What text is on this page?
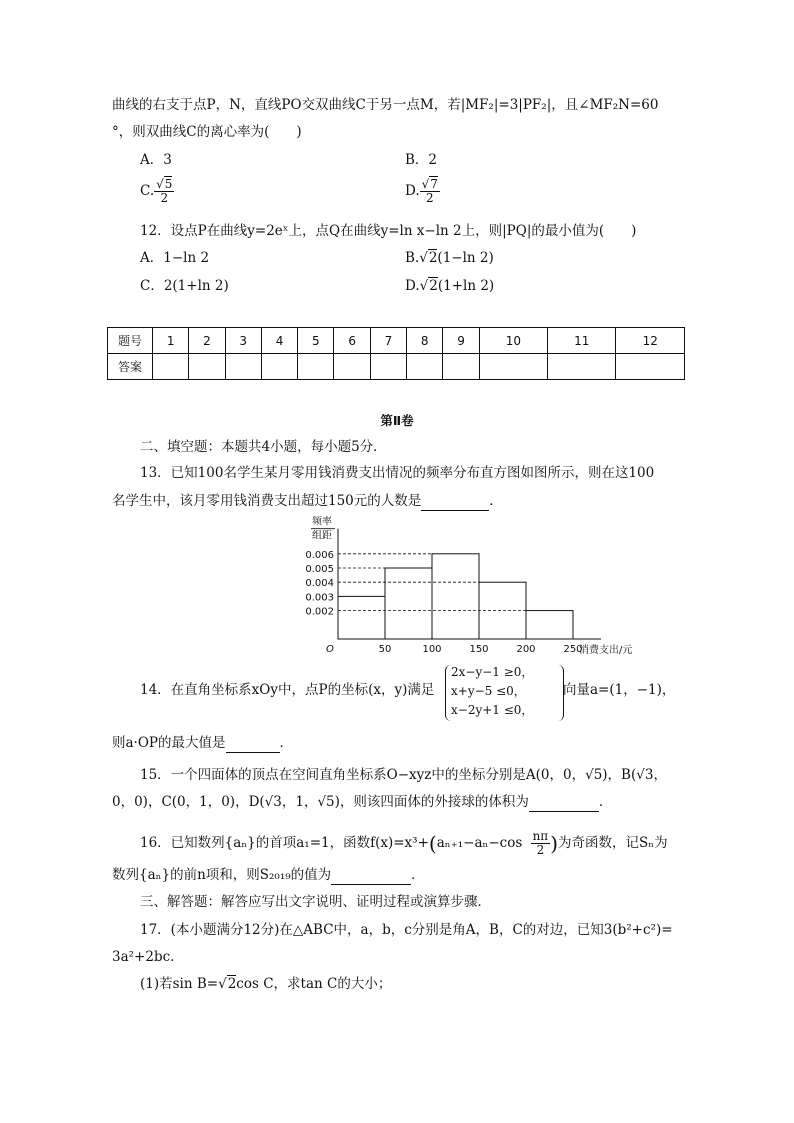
曲线的右支于点P，N，直线PO交双曲线C于另一点M，若|MF₂|=3|PF₂|，且∠MF₂N=60
°，则双曲线C的离心率为(　　)
A．3	B．2
C. $\frac{√5}{2}$	D. $\frac{√7}{2}$
12．设点P在曲线y=2eˣ上，点Q在曲线y=ln x−ln 2上，则|PQ|的最小值为(　　)
A．1−ln 2	B.√2(1−ln 2)
C．2(1+ln 2)	D.√2(1+ln 2)
题号	1	2	3	4	5	6	7	8	9	10	11	12
答案												
第Ⅱ卷
二、填空题：本题共4小题，每小题5分．
13．已知100名学生某月零用钱消费支出情况的频率分布直方图如图所示，则在这100
名学生中，该月零用钱消费支出超过150元的人数是	．
0.002
0.003
0.004
0.005
0.006
50	100	150	200	250
O
频率
组距
消费支出/元
14．在直角坐标系xOy中，点P的坐标(x，y)满足
2x−y−1 ≥0，
x+y−5 ≤0，
x−2y+1 ≤0，
向量a=(1，−1)，
则a·OP的最大值是	．
15．一个四面体的顶点在空间直角坐标系O−xyz中的坐标分别是A(0，0，√5)，B(√3，
0，0)，C(0，1，0)，D(√3，1，√5)，则该四面体的外接球的体积为	．
16．已知数列{aₙ}的首项a₁=1，函数$f(x)=x^3+(a_{n+1}-a_n-\cos \frac{n\pi}{2}$ )为奇函数，记Sₙ为
数列{aₙ}的前n项和，则S₂₀₁₉的值为	．
三、解答题：解答应写出文字说明、证明过程或演算步骤．
17．(本小题满分12分)在△ABC中，a，b，c分别是角A，B，C的对边，已知3(b²+c²)=
3a²+2bc.
(1)若sin B=√2cos C，求tan C的大小；
